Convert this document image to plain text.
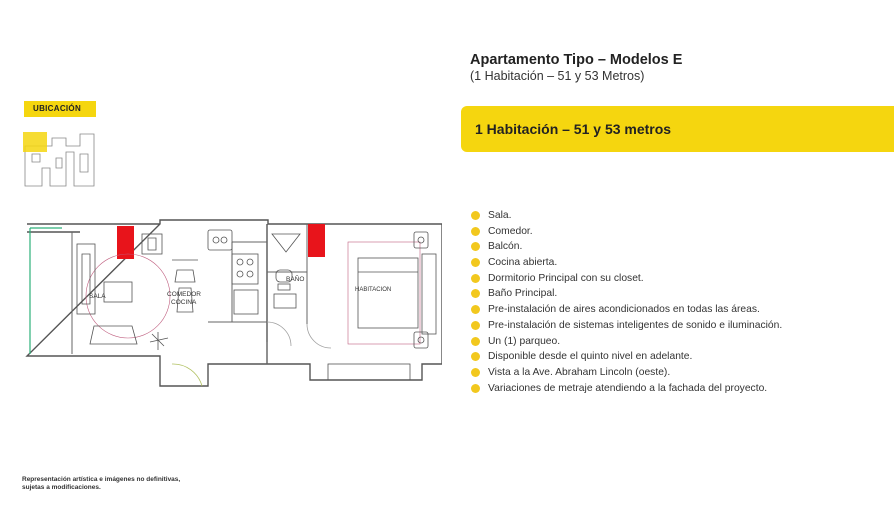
Apartamento Tipo – Modelos E
(1 Habitación – 51 y 53 Metros)
1 Habitación – 51 y 53 metros
UBICACIÓN
SALA	COMEDOR
COCINA
BAÑO
HABITACION
Sala.
Comedor.
Balcón.
Cocina abierta.
Dormitorio Principal con su closet.
Baño Principal.
Pre-instalación de aires acondicionados en todas las áreas.
Pre-instalación de sistemas inteligentes de sonido e iluminación.
Un (1) parqueo.
Disponible desde el quinto nivel en adelante.
Vista a la Ave. Abraham Lincoln (oeste).
Variaciones de metraje atendiendo a la fachada del proyecto.
Representación artística e imágenes no definitivas,
sujetas a modificaciones.
